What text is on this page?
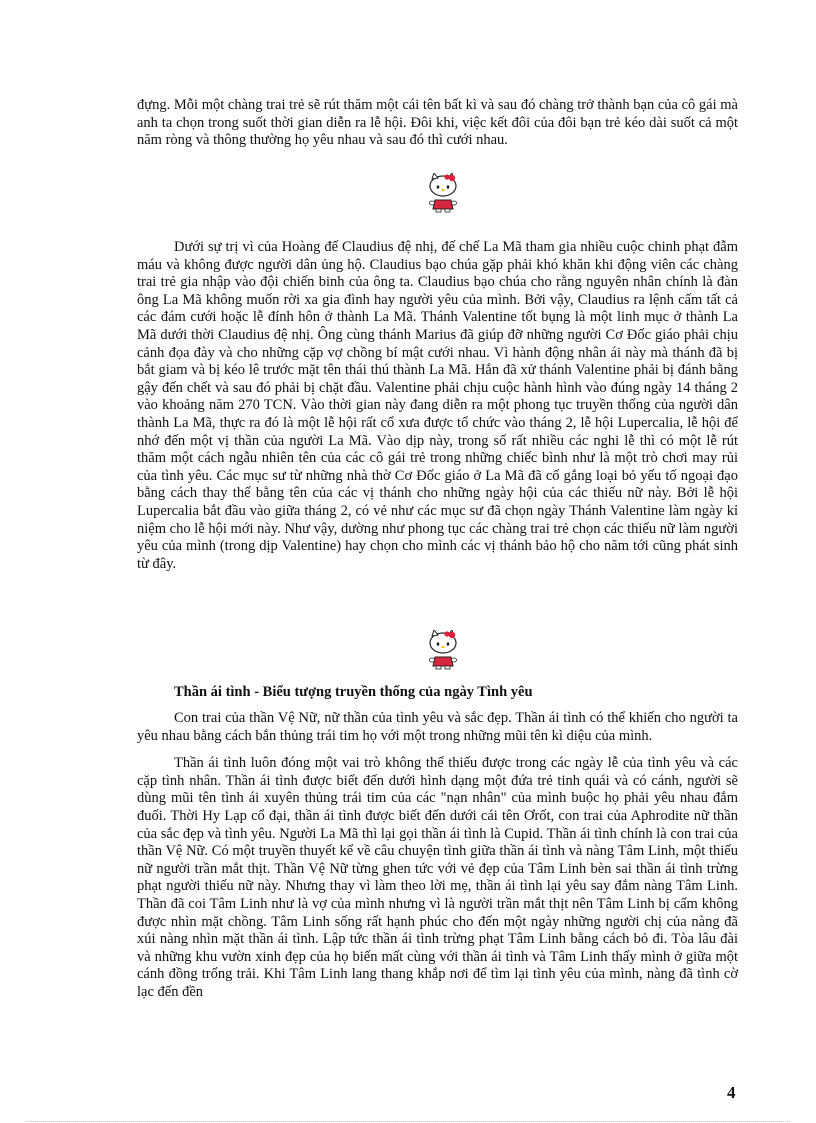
đựng. Mỗi một chàng trai trẻ sẽ rút thăm một cái tên bất kì và sau đó chàng trở thành bạn của cô gái mà anh ta chọn trong suốt thời gian diễn ra lễ hội. Đôi khi, việc kết đôi của đôi bạn trẻ kéo dài suốt cả một năm ròng và thông thường họ yêu nhau và sau đó thì cưới nhau.

Dưới sự trị vì của Hoàng đế Claudius đệ nhị, đế chế La Mã tham gia nhiều cuộc chinh phạt đẫm máu và không được người dân ủng hộ. Claudius bạo chúa gặp phải khó khăn khi động viên các chàng trai trẻ gia nhập vào đội chiến binh của ông ta. Claudius bạo chúa cho rằng nguyên nhân chính là đàn ông La Mã không muốn rời xa gia đình hay người yêu của mình. Bởi vậy, Claudius ra lệnh cấm tất cả các đám cưới hoặc lễ đính hôn ở thành La Mã. Thánh Valentine tốt bụng là một linh mục ở thành La Mã dưới thời Claudius đệ nhị. Ông cùng thánh Marius đã giúp đỡ những người Cơ Đốc giáo phải chịu cảnh đọa đày và cho những cặp vợ chồng bí mật cưới nhau. Vì hành động nhân ái này mà thánh đã bị bắt giam và bị kéo lê trước mặt tên thái thú thành La Mã. Hắn đã xử thánh Valentine phải bị đánh bằng gậy đến chết và sau đó phải bị chặt đầu. Valentine phải chịu cuộc hành hình vào đúng ngày 14 tháng 2 vào khoảng năm 270 TCN. Vào thời gian này đang diễn ra một phong tục truyền thống của người dân thành La Mã, thực ra đó là một lễ hội rất cổ xưa được tổ chức vào tháng 2, lễ hội Lupercalia, lễ hội để nhớ đến một vị thần của người La Mã. Vào dịp này, trong số rất nhiều các nghi lễ thì có một lễ rút thăm một cách ngẫu nhiên tên của các cô gái trẻ trong những chiếc bình như là một trò chơi may rủi của tình yêu. Các mục sư từ những nhà thờ Cơ Đốc giáo ở La Mã đã cố gắng loại bỏ yếu tố ngoại đạo bằng cách thay thế bằng tên của các vị thánh cho những ngày hội của các thiếu nữ này. Bởi lễ hội Lupercalia bắt đầu vào giữa tháng 2, có vẻ như các mục sư đã chọn ngày Thánh Valentine làm ngày kỉ niệm cho lễ hội mới này. Như vậy, dường như phong tục các chàng trai trẻ chọn các thiếu nữ làm người yêu của mình (trong dịp Valentine) hay chọn cho mình các vị thánh bảo hộ cho năm tới cũng phát sinh từ đây.

Thần ái tình - Biểu tượng truyền thống của ngày Tình yêu

Con trai của thần Vệ Nữ, nữ thần của tình yêu và sắc đẹp. Thần ái tình có thể khiến cho người ta yêu nhau bằng cách bắn thủng trái tim họ với một trong những mũi tên kì diệu của mình.

Thần ái tình luôn đóng một vai trò không thể thiếu được trong các ngày lễ của tình yêu và các cặp tình nhân. Thần ái tình được biết đến dưới hình dạng một đứa trẻ tinh quái và có cánh, người sẽ dùng mũi tên tình ái xuyên thủng trái tim của các "nạn nhân" của mình buộc họ phải yêu nhau đắm đuối. Thời Hy Lạp cổ đại, thần ái tình được biết đến dưới cái tên Ơrốt, con trai của Aphrodite nữ thần của sắc đẹp và tình yêu. Người La Mã thì lại gọi thần ái tình là Cupid. Thần ái tình chính là con trai của thần Vệ Nữ. Có một truyền thuyết kể về câu chuyện tình giữa thần ái tình và nàng Tâm Linh, một thiếu nữ người trần mắt thịt. Thần Vệ Nữ từng ghen tức với vẻ đẹp của Tâm Linh bèn sai thần ái tình trừng phạt người thiếu nữ này. Nhưng thay vì làm theo lời mẹ, thần ái tình lại yêu say đắm nàng Tâm Linh. Thần đã coi Tâm Linh như là vợ của mình nhưng vì là người trần mắt thịt nên Tâm Linh bị cấm không được nhìn mặt chồng. Tâm Linh sống rất hạnh phúc cho đến một ngày những người chị của nàng đã xúi nàng nhìn mặt thần ái tình. Lập tức thần ái tình trừng phạt Tâm Linh bằng cách bỏ đi. Tòa lâu đài và những khu vườn xinh đẹp của họ biến mất cùng với thần ái tình và Tâm Linh thấy mình ở giữa một cánh đồng trống trải. Khi Tâm Linh lang thang khắp nơi để tìm lại tình yêu của mình, nàng đã tình cờ lạc đến đền

4
